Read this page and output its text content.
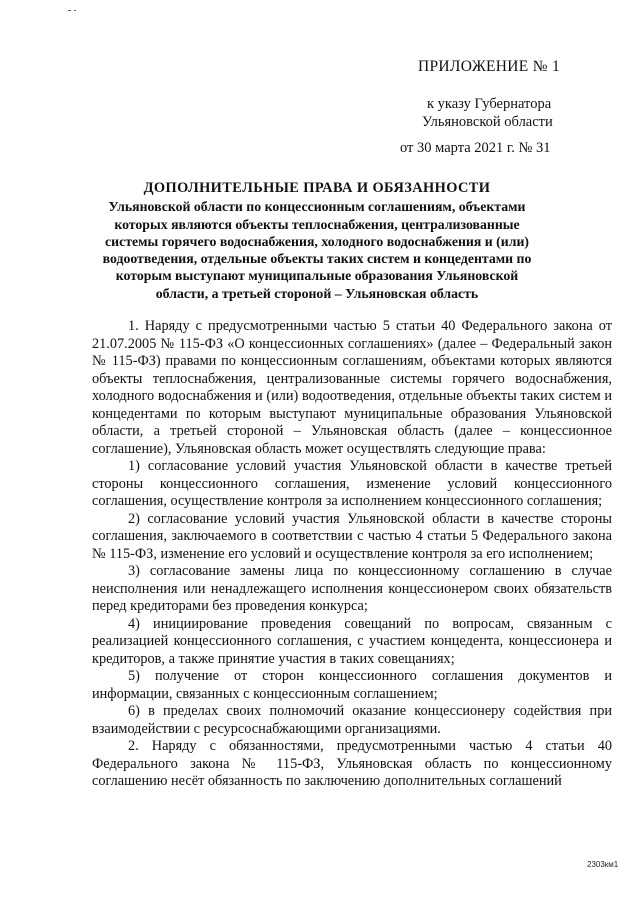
ПРИЛОЖЕНИЕ № 1
к указу Губернатора
Ульяновской области
от 30 марта 2021 г. № 31
ДОПОЛНИТЕЛЬНЫЕ ПРАВА И ОБЯЗАННОСТИ
Ульяновской области по концессионным соглашениям, объектами которых являются объекты теплоснабжения, централизованные системы горячего водоснабжения, холодного водоснабжения и (или) водоотведения, отдельные объекты таких систем и концедентами по которым выступают муниципальные образования Ульяновской области, а третьей стороной – Ульяновская область

1. Наряду с предусмотренными частью 5 статьи 40 Федерального закона от 21.07.2005 № 115-ФЗ «О концессионных соглашениях» (далее – Федеральный закон № 115-ФЗ) правами по концессионным соглашениям, объектами которых являются объекты теплоснабжения, централизованные системы горячего водоснабжения, холодного водоснабжения и (или) водоотведения, отдельные объекты таких систем и концедентами по которым выступают муниципальные образования Ульяновской области, а третьей стороной – Ульяновская область (далее – концессионное соглашение), Ульяновская область может осуществлять следующие права:

1) согласование условий участия Ульяновской области в качестве третьей стороны концессионного соглашения, изменение условий концессионного соглашения, осуществление контроля за исполнением концессионного соглашения;

2) согласование условий участия Ульяновской области в качестве стороны соглашения, заключаемого в соответствии с частью 4 статьи 5 Федерального закона № 115-ФЗ, изменение его условий и осуществление контроля за его исполнением;

3) согласование замены лица по концессионному соглашению в случае неисполнения или ненадлежащего исполнения концессионером своих обязательств перед кредиторами без проведения конкурса;

4) инициирование проведения совещаний по вопросам, связанным с реализацией концессионного соглашения, с участием концедента, концессионера и кредиторов, а также принятие участия в таких совещаниях;

5) получение от сторон концессионного соглашения документов и информации, связанных с концессионным соглашением;

6) в пределах своих полномочий оказание концессионеру содействия при взаимодействии с ресурсоснабжающими организациями.

2. Наряду с обязанностями, предусмотренными частью 4 статьи 40 Федерального закона № 115-ФЗ, Ульяновская область по концессионному соглашению несёт обязанность по заключению дополнительных соглашений

2303км1
